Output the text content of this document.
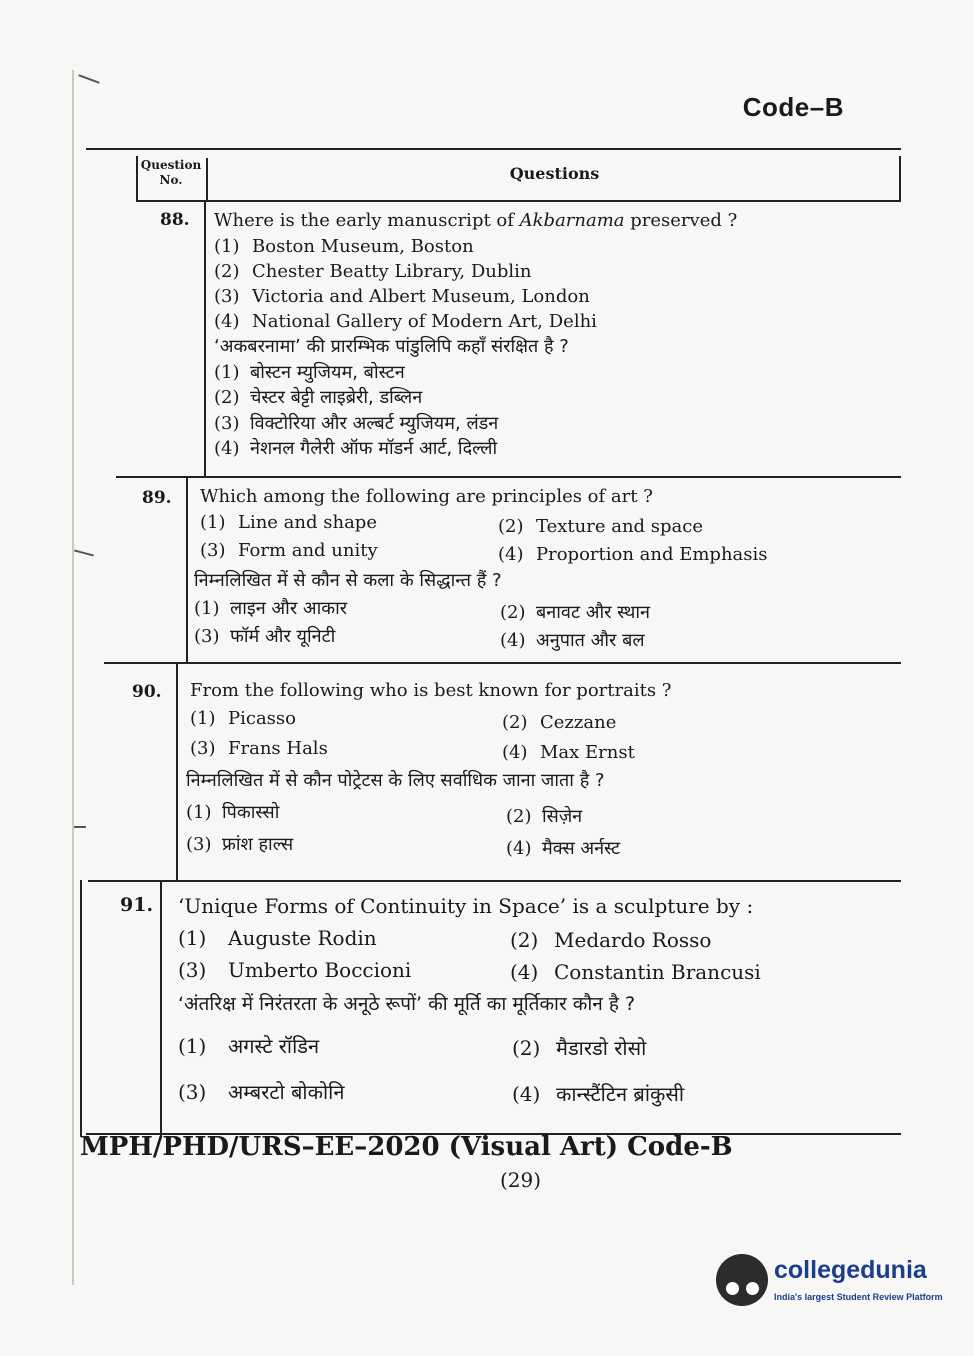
Code–B
Question No.	Questions
88. Where is the early manuscript of Akbarnama preserved ?
(1) Boston Museum, Boston
(2) Chester Beatty Library, Dublin
(3) Victoria and Albert Museum, London
(4) National Gallery of Modern Art, Delhi
‘अकबरनामा’ की प्रारम्भिक पांडुलिपि कहाँ संरक्षित है ?
(1) बोस्टन म्युजियम, बोस्टन
(2) चेस्टर बेट्टी लाइब्रेरी, डब्लिन
(3) विक्टोरिया और अल्बर्ट म्युजियम, लंडन
(4) नेशनल गैलेरी ऑफ मॉडर्न आर्ट, दिल्ली
89. Which among the following are principles of art ?
(1) Line and shape	(2) Texture and space
(3) Form and unity	(4) Proportion and Emphasis
निम्नलिखित में से कौन से कला के सिद्धान्त हैं ?
(1) लाइन और आकार	(2) बनावट और स्थान
(3) फॉर्म और यूनिटी	(4) अनुपात और बल
90. From the following who is best known for portraits ?
(1) Picasso	(2) Cezzane
(3) Frans Hals	(4) Max Ernst
निम्नलिखित में से कौन पोट्रेटस के लिए सर्वाधिक जाना जाता है ?
(1) पिकास्सो	(2) सिज़ेन
(3) फ्रांश हाल्स	(4) मैक्स अर्नस्ट
91. ‘Unique Forms of Continuity in Space’ is a sculpture by :
(1) Auguste Rodin	(2) Medardo Rosso
(3) Umberto Boccioni	(4) Constantin Brancusi
‘अंतरिक्ष में निरंतरता के अनूठे रूपों’ की मूर्ति का मूर्तिकार कौन है ?
(1) अगस्टे रॉडिन	(2) मैडारडो रोसो
(3) अम्बरटो बोकोनि	(4) कान्स्टैंटिन ब्रांकुसी
MPH/PHD/URS–EE–2020 (Visual Art) Code-B
(29)
collegedunia
India's largest Student Review Platform
